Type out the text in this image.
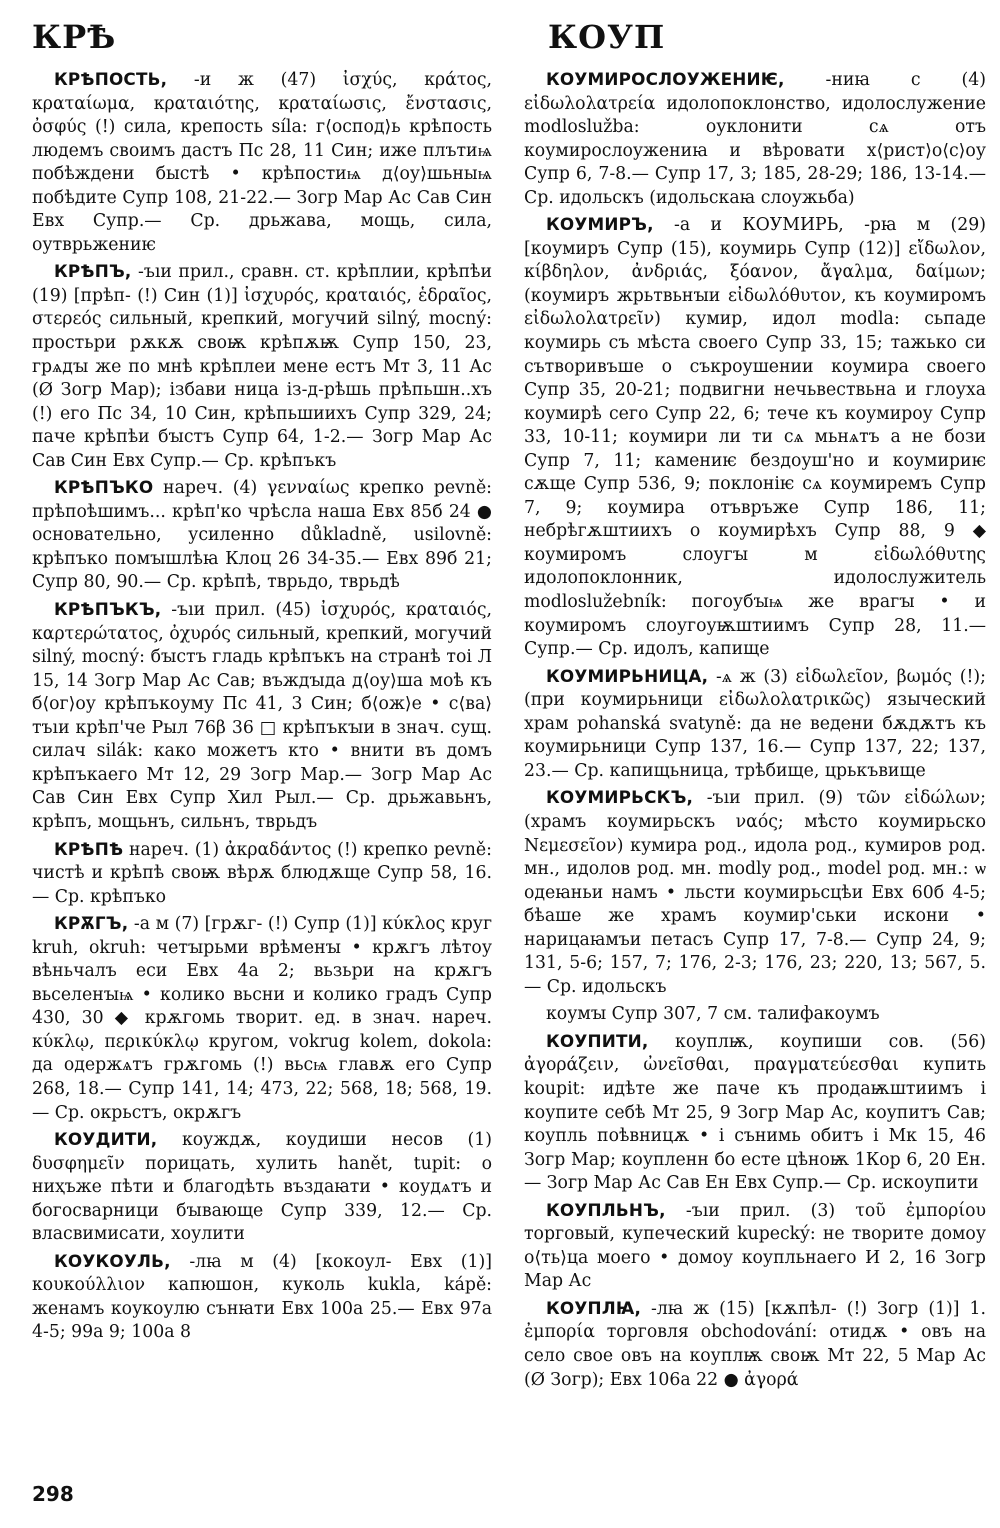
КРѢ	КОУП

КРѢПОСТЬ, -и ж (47) ἰσχύς, κράτος, κραταίωμα, κραταιότης, κραταίωσις, ἔνστασις, ὀσφύς (!) сила, крепость síla: г⟨оспод⟩ь крѣпость людемъ своимъ дастъ Пс 28, 11 Син; иже плътиѩ побѣждени быстѣ • крѣпостиѩ д⟨оу⟩шьныѩ побѣдите Супр 108, 21-22.— Зогр Мар Ас Сав Син Евх Супр.— Ср. дрьжава, мощь, сила, оутврьжениѥ

КРѢПЪ, -ъıи прил., сравн. ст. крѣплии, крѣпѣи (19) [прѣп- (!) Син (1)] ἰσχυρός, κραταιός, ἑδραῖος, στερεός сильный, крепкий, могучий silný, mocný: простьри рѫкѫ своѭ крѣпѫѭ Супр 150, 23, грѧдꙑ же по мнѣ крѣплеи мене естъ Мт 3, 11 Ас (Ø Зогр Мар); ізбави ница із-д-рѣшь прѣпьшн..хъ (!) его Пс 34, 10 Син, крѣпьшиихъ Супр 329, 24; паче крѣпѣи бꙑстъ Супр 64, 1-2.— Зогр Мар Ас Сав Син Евх Супр.— Ср. крѣпъкъ

КРѢПЪКО нареч. (4) γενναίως крепко pevně: прѣпоѣшимъ... крѣп'ко чрѣсла наша Евх 85б 24 ● основательно, усиленно důkladně, usilovně: крѣпъко помꙑшлѣꙗ Клоц 26 34-35.— Евх 89б 21; Супр 80, 90.— Ср. крѣпѣ, тврьдо, тврьдѣ

КРѢПЪКЪ, -ъıи прил. (45) ἰσχυρός, κραταιός, καρτερώτατος, ὀχυρός сильный, крепкий, могучий silný, mocný: бꙑстъ гладь крѣпъкъ на странѣ тоі Л 15, 14 Зогр Мар Ас Сав; въждꙑда д⟨оу⟩ша моѣ къ б⟨ог⟩оу крѣпъкоуму Пс 41, 3 Син; б⟨ож⟩е • с⟨ва⟩тъıи крѣп'че Рыл 76β 36 □ крѣпъкꙑи в знач. сущ. силач silák: како можетъ кто • внити въ домъ крѣпъкаего Мт 12, 29 Зогр Мар.— Зогр Мар Ас Сав Син Евх Супр Хил Рыл.— Ср. дрьжавьнъ, крѣпъ, мощьнъ, сильнъ, тврьдъ

КРѢПѢ нареч. (1) ἀκραδάντος (!) крепко pevně: чистѣ и крѣпѣ своѭ вѣрѫ блюдѫще Супр 58, 16.— Ср. крѣпъко

КРѪГЪ, -а м (7) [грѫг- (!) Супр (1)] κύκλος круг kruh, okruh: четꙑрьми врѣменꙑ • крѫгъ лѣтоу вѣньчалъ еси Евх 4а 2; вьзьри на крѫгъ вьселенꙑѩ • колико вьсни и колико градъ Супр 430, 30 ◆ крѫгомь творит. ед. в знач. нареч. κύκλῳ, περικύκλῳ кругом, vokrug kolem, dokola: да одержѧтъ грѫгомь (!) вьсѩ главѫ его Супр 268, 18.— Супр 141, 14; 473, 22; 568, 18; 568, 19.— Ср. окрьстъ, окрѫгъ

КОУДИТИ, коуждѫ, коудиши несов (1) δυσφημεῖν порицать, хулить hanět, tupit: о ниҳъже пѣти и благодѣть въздаꙗти • коудѧтъ и богосварници бꙑвающе Супр 339, 12.— Ср. власвимисати, хоулити

КОУКОУЛЬ, -лꙗ м (4) [кокоул- Евх (1)] κουκούλλιον капюшон, куколь kukla, kápě: женамъ коукоулю сънꙗти Евх 100а 25.— Евх 97а 4-5; 99а 9; 100а 8

КОУМИРОСЛОУЖЕНИѤ, -ниꙗ с (4) εἰδωλολατρεία идолопоклонство, идолослужение modloslužba: оуклонити сѧ отъ коумирослоужениꙗ и вѣровати х⟨рист⟩о⟨с⟩оу Супр 6, 7-8.— Супр 17, 3; 185, 28-29; 186, 13-14.— Ср. идольскъ (идольскаꙗ слоужьба)

КОУМИРЪ, -а и КОУМИРЬ, -рꙗ м (29) [коумиръ Супр (15), коумирь Супр (12)] εἴδωλον, κίβδηλον, ἀνδριάς, ξόανον, ἄγαλμα, δαίμων; (коумиръ жрьтвьнꙑи εἰδωλόθυτον, къ коумиромъ εἰδωλολατρεῖν) кумир, идол modla: сьпаде коумирь съ мѣста своего Супр 33, 15; тажько си сътворивъше о съкроушении коумира своего Супр 35, 20-21; подвигни нечьвествьна и глоуха коумирѣ сего Супр 22, 6; тече къ коумироу Супр 33, 10-11; коумири ли ти сѧ мьнѧтъ а не бози Супр 7, 11; камениѥ бездоуш'но и коумириѥ сѫще Супр 536, 9; поклоніѥ сѧ коумиремъ Супр 7, 9; коумира отъвръже Супр 186, 11; небрѣгѫштиихъ о коумирѣхъ Супр 88, 9 ◆ коумиромъ слоугꙑ м εἰδωλόθυτης идолопоклонник, идолослужитель modloslužebník: погоубꙑѩ же врагꙑ • и коумиромъ слоугоуѭштиимъ Супр 28, 11.— Супр.— Ср. идолъ, капище

КОУМИРЬНИЦА, -ѧ ж (3) εἰδωλεῖον, βωμός (!); (при коумирьници εἰδωλολατρικῶς) языческий храм pohanská svatyně: да не ведени бѫдѫтъ къ коумирьници Супр 137, 16.— Супр 137, 22; 137, 23.— Ср. капищьница, трѣбище, црькъвище

КОУМИРЬСКЪ, -ъıи прил. (9) τῶν εἰδώλων; (храмъ коумирьскъ ναός; мѣсто коумирьско Νεμεσεῖον) кумира род., идола род., кумиров род. мн., идолов род. мн. modly род., model род. мн.: ѡ одеꙗньи намъ • льсти коумирьсцѣи Евх 60б 4-5; бѣаше же храмъ коумир'ськи искони • нарицаꙗмъи петасъ Супр 17, 7-8.— Супр 24, 9; 131, 5-6; 157, 7; 176, 2-3; 176, 23; 220, 13; 567, 5.— Ср. идольскъ

коумꙑ Супр 307, 7 см. талифакоумъ

КОУПИТИ, коуплѭ, коупиши сов. (56) ἀγοράζειν, ὠνεῖσθαι, πραγματεύεσθαι купить koupit: идѣте же паче къ продаѭштиимъ і коупите себѣ Мт 25, 9 Зогр Мар Ас, коупитъ Сав; коупль поѣвницѫ • і сънимь обитъ і Мк 15, 46 Зогр Мар; коупленн бо есте цѣноѭ 1Кор 6, 20 Ен.— Зогр Мар Ас Сав Ен Евх Супр.— Ср. искоупити

КОУПЛЬНЪ, -ъıи прил. (3) τοῦ ἐμπορίου торговый, купеческий kupecký: не творите домоу о⟨ть⟩ца моего • домоу коупльнаего И 2, 16 Зогр Мар Ас

КОУПЛꙖ, -лꙗ ж (15) [кѫпѣл- (!) Зогр (1)] 1. ἐμπορία торговля obchodování: отидѫ • овъ на село свое овъ на коуплѭ своѭ Мт 22, 5 Мар Ас (Ø Зогр); Евх 106а 22 ● ἀγορά

298
